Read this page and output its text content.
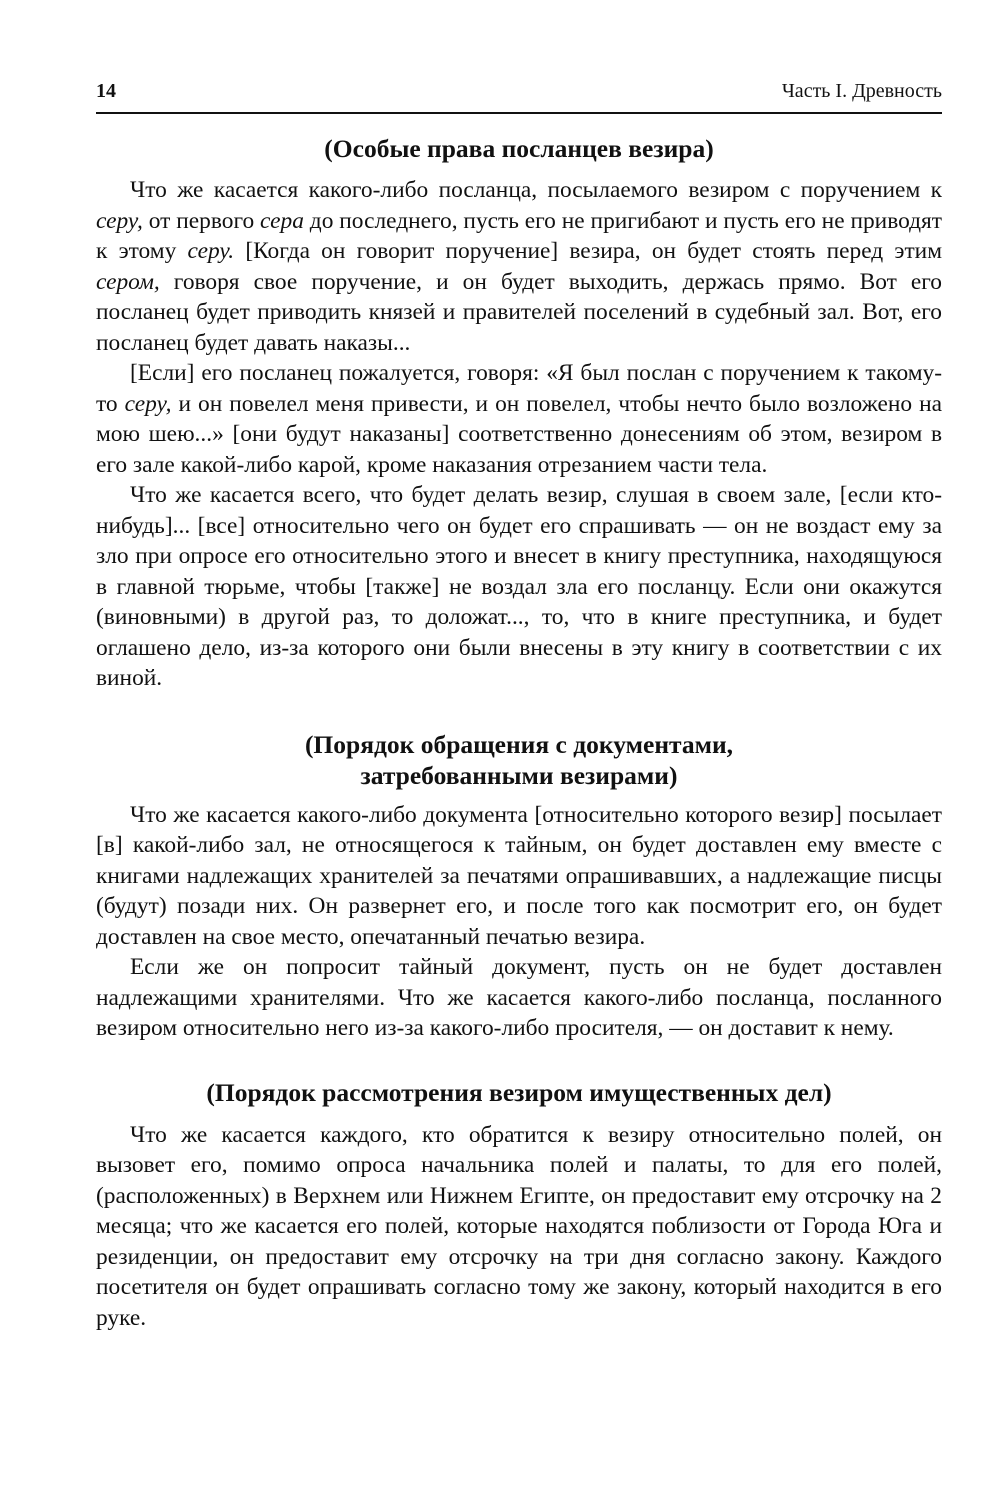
14	Часть I. Древность
(Особые права посланцев везира)

Что же касается какого-либо посланца, посылаемого везиром с поручением к серу, от первого сера до последнего, пусть его не пригибают и пусть его не приводят к этому серу. [Когда он говорит поручение] везира, он будет стоять перед этим сером, говоря свое поручение, и он будет выходить, держась прямо. Вот его посланец будет приводить князей и правителей поселений в судебный зал. Вот, его посланец будет давать наказы...

[Если] его посланец пожалуется, говоря: «Я был послан с поручением к такому-то серу, и он повелел меня привести, и он повелел, чтобы нечто было возложено на мою шею...» [они будут наказаны] соответственно донесениям об этом, везиром в его зале какой-либо карой, кроме наказания отрезанием части тела.

Что же касается всего, что будет делать везир, слушая в своем зале, [если кто-нибудь]... [все] относительно чего он будет его спрашивать — он не воздаст ему за зло при опросе его относительно этого и внесет в книгу преступника, находящуюся в главной тюрьме, чтобы [также] не воздал зла его посланцу. Если они окажутся (виновными) в другой раз, то доложат..., то, что в книге преступника, и будет оглашено дело, из-за которого они были внесены в эту книгу в соответствии с их виной.

(Порядок обращения с документами,
затребованными везирами)

Что же касается какого-либо документа [относительно которого везир] посылает [в] какой-либо зал, не относящегося к тайным, он будет доставлен ему вместе с книгами надлежащих хранителей за печатями опрашивавших, а надлежащие писцы (будут) позади них. Он развернет его, и после того как посмотрит его, он будет доставлен на свое место, опечатанный печатью везира.

Если же он попросит тайный документ, пусть он не будет доставлен надлежащими хранителями. Что же касается какого-либо посланца, посланного везиром относительно него из-за какого-либо просителя, — он доставит к нему.

(Порядок рассмотрения везиром имущественных дел)

Что же касается каждого, кто обратится к везиру относительно полей, он вызовет его, помимо опроса начальника полей и палаты, то для его полей, (расположенных) в Верхнем или Нижнем Египте, он предоставит ему отсрочку на 2 месяца; что же касается его полей, которые находятся поблизости от Города Юга и резиденции, он предоставит ему отсрочку на три дня согласно закону. Каждого посетителя он будет опрашивать согласно тому же закону, который находится в его руке.
